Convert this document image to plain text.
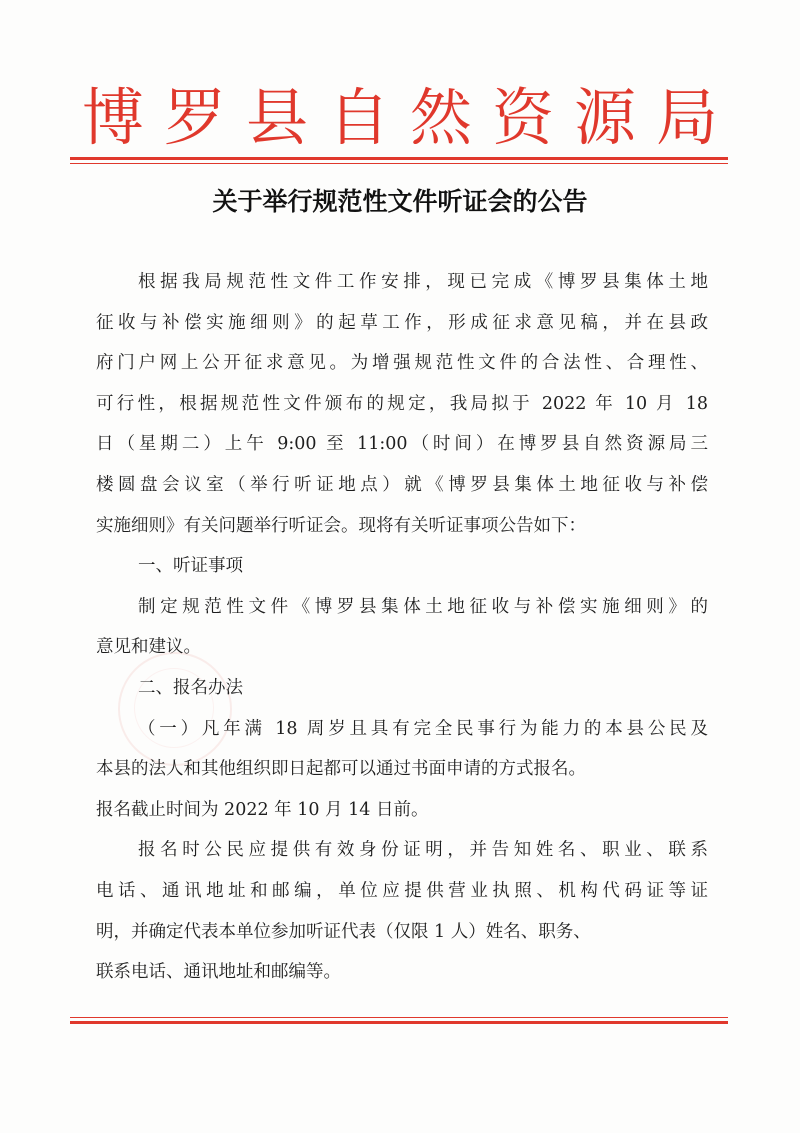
博 罗 县 自 然 资 源 局
关于举行规范性文件听证会的公告
根据我局规范性文件工作安排，现已完成《博罗县集体土地
征收与补偿实施细则》的起草工作，形成征求意见稿，并在县政
府门户网上公开征求意见。为增强规范性文件的合法性、合理性、
可行性，根据规范性文件颁布的规定，我局拟于 2022 年 10 月 18
日（星期二）上午 9:00 至 11:00（时间）在博罗县自然资源局三
楼圆盘会议室（举行听证地点）就《博罗县集体土地征收与补偿
实施细则》有关问题举行听证会。现将有关听证事项公告如下：
一、听证事项
制定规范性文件《博罗县集体土地征收与补偿实施细则》的
意见和建议。
二、报名办法
（一）凡年满 18 周岁且具有完全民事行为能力的本县公民及
本县的法人和其他组织即日起都可以通过书面申请的方式报名。
报名截止时间为 2022 年 10 月 14 日前。
报名时公民应提供有效身份证明，并告知姓名、职业、联系
电话、通讯地址和邮编，单位应提供营业执照、机构代码证等证
明，并确定代表本单位参加听证代表（仅限 1 人）姓名、职务、
联系电话、通讯地址和邮编等。
